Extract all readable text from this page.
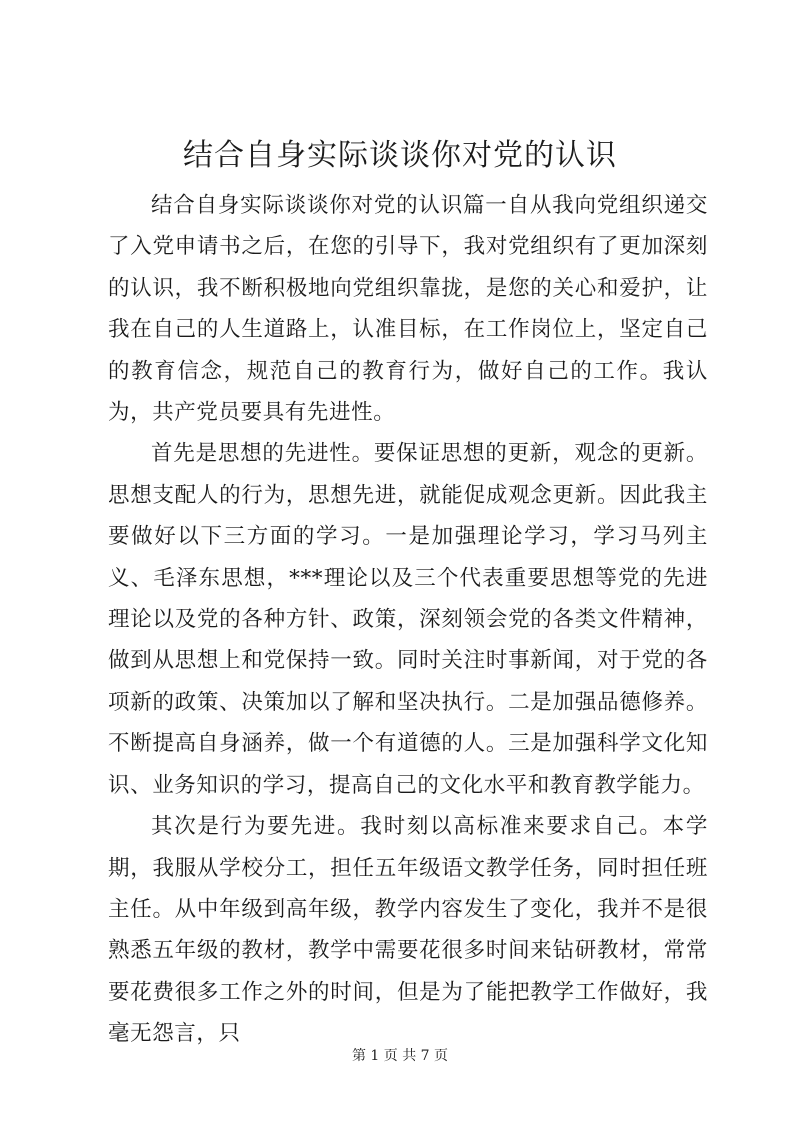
结合自身实际谈谈你对党的认识

结合自身实际谈谈你对党的认识篇一自从我向党组织递交了入党申请书之后，在您的引导下，我对党组织有了更加深刻的认识，我不断积极地向党组织靠拢，是您的关心和爱护，让我在自己的人生道路上，认准目标，在工作岗位上，坚定自己的教育信念，规范自己的教育行为，做好自己的工作。我认为，共产党员要具有先进性。

首先是思想的先进性。要保证思想的更新，观念的更新。思想支配人的行为，思想先进，就能促成观念更新。因此我主要做好以下三方面的学习。一是加强理论学习，学习马列主义、毛泽东思想，***理论以及三个代表重要思想等党的先进理论以及党的各种方针、政策，深刻领会党的各类文件精神，做到从思想上和党保持一致。同时关注时事新闻，对于党的各项新的政策、决策加以了解和坚决执行。二是加强品德修养。不断提高自身涵养，做一个有道德的人。三是加强科学文化知识、业务知识的学习，提高自己的文化水平和教育教学能力。

其次是行为要先进。我时刻以高标准来要求自己。本学期，我服从学校分工，担任五年级语文教学任务，同时担任班主任。从中年级到高年级，教学内容发生了变化，我并不是很熟悉五年级的教材，教学中需要花很多时间来钻研教材，常常要花费很多工作之外的时间，但是为了能把教学工作做好，我毫无怨言，只

第 1 页 共 7 页
